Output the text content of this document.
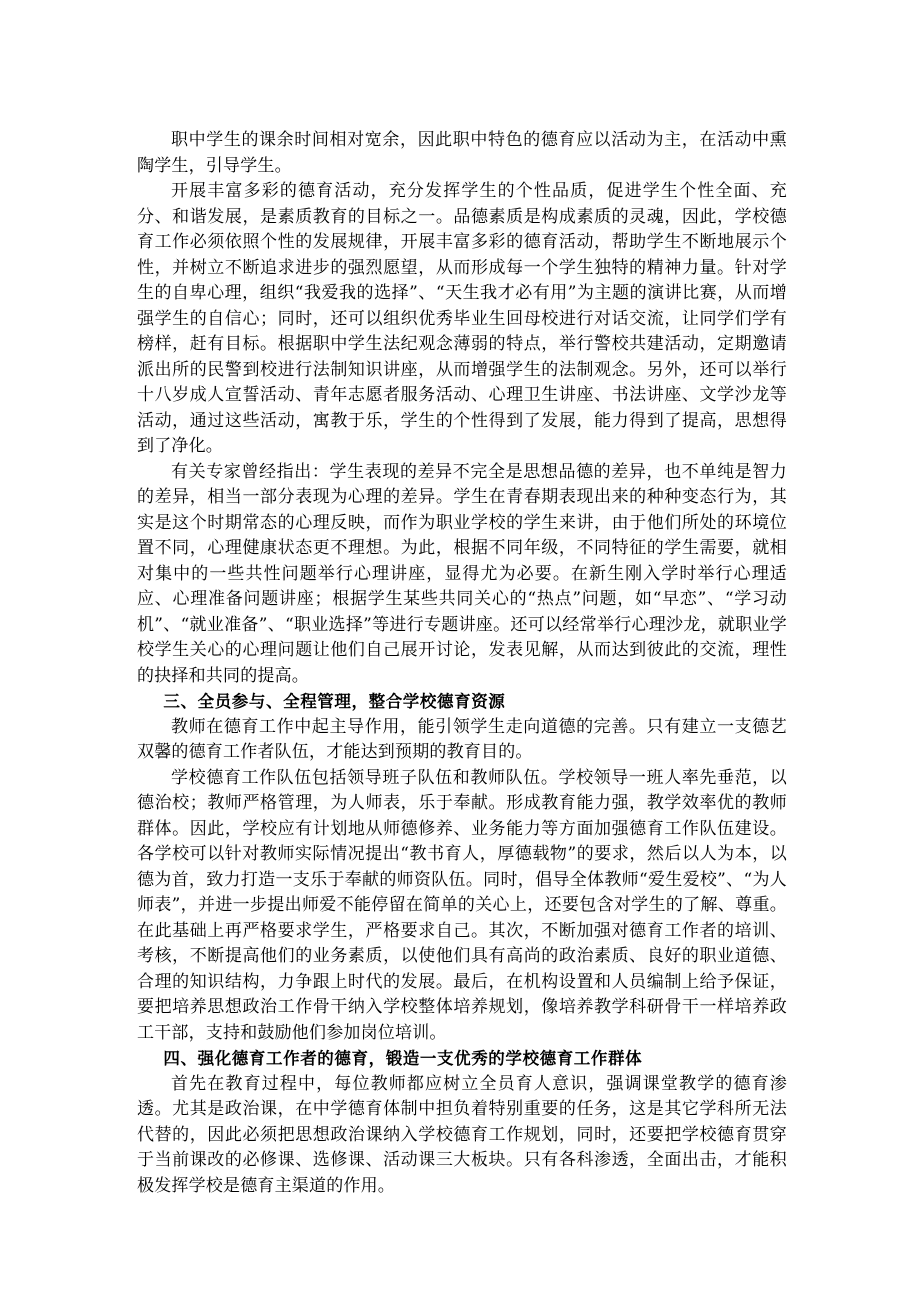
职中学生的课余时间相对宽余，因此职中特色的德育应以活动为主，在活动中熏陶学生，引导学生。

开展丰富多彩的德育活动，充分发挥学生的个性品质，促进学生个性全面、充分、和谐发展，是素质教育的目标之一。品德素质是构成素质的灵魂，因此，学校德育工作必须依照个性的发展规律，开展丰富多彩的德育活动，帮助学生不断地展示个性，并树立不断追求进步的强烈愿望，从而形成每一个学生独特的精神力量。针对学生的自卑心理，组织“我爱我的选择”、“天生我才必有用”为主题的演讲比赛，从而增强学生的自信心；同时，还可以组织优秀毕业生回母校进行对话交流，让同学们学有榜样，赶有目标。根据职中学生法纪观念薄弱的特点，举行警校共建活动，定期邀请派出所的民警到校进行法制知识讲座，从而增强学生的法制观念。另外，还可以举行十八岁成人宣誓活动、青年志愿者服务活动、心理卫生讲座、书法讲座、文学沙龙等活动，通过这些活动，寓教于乐，学生的个性得到了发展，能力得到了提高，思想得到了净化。

有关专家曾经指出：学生表现的差异不完全是思想品德的差异，也不单纯是智力的差异，相当一部分表现为心理的差异。学生在青春期表现出来的种种变态行为，其实是这个时期常态的心理反映，而作为职业学校的学生来讲，由于他们所处的环境位置不同，心理健康状态更不理想。为此，根据不同年级，不同特征的学生需要，就相对集中的一些共性问题举行心理讲座，显得尤为必要。在新生刚入学时举行心理适应、心理准备问题讲座；根据学生某些共同关心的“热点”问题，如“早恋”、“学习动机”、“就业准备”、“职业选择”等进行专题讲座。还可以经常举行心理沙龙，就职业学校学生关心的心理问题让他们自己展开讨论，发表见解，从而达到彼此的交流，理性的抉择和共同的提高。

三、全员参与、全程管理，整合学校德育资源

教师在德育工作中起主导作用，能引领学生走向道德的完善。只有建立一支德艺双馨的德育工作者队伍，才能达到预期的教育目的。

学校德育工作队伍包括领导班子队伍和教师队伍。学校领导一班人率先垂范，以德治校；教师严格管理，为人师表，乐于奉献。形成教育能力强，教学效率优的教师群体。因此，学校应有计划地从师德修养、业务能力等方面加强德育工作队伍建设。各学校可以针对教师实际情况提出“教书育人，厚德载物”的要求，然后以人为本，以德为首，致力打造一支乐于奉献的师资队伍。同时，倡导全体教师“爱生爱校”、“为人师表”，并进一步提出师爱不能停留在简单的关心上，还要包含对学生的了解、尊重。在此基础上再严格要求学生，严格要求自己。其次，不断加强对德育工作者的培训、考核，不断提高他们的业务素质，以使他们具有高尚的政治素质、良好的职业道德、合理的知识结构，力争跟上时代的发展。最后，在机构设置和人员编制上给予保证，要把培养思想政治工作骨干纳入学校整体培养规划，像培养教学科研骨干一样培养政工干部，支持和鼓励他们参加岗位培训。

四、强化德育工作者的德育，锻造一支优秀的学校德育工作群体

首先在教育过程中，每位教师都应树立全员育人意识，强调课堂教学的德育渗透。尤其是政治课，在中学德育体制中担负着特别重要的任务，这是其它学科所无法代替的，因此必须把思想政治课纳入学校德育工作规划，同时，还要把学校德育贯穿于当前课改的必修课、选修课、活动课三大板块。只有各科渗透，全面出击，才能积极发挥学校是德育主渠道的作用。
